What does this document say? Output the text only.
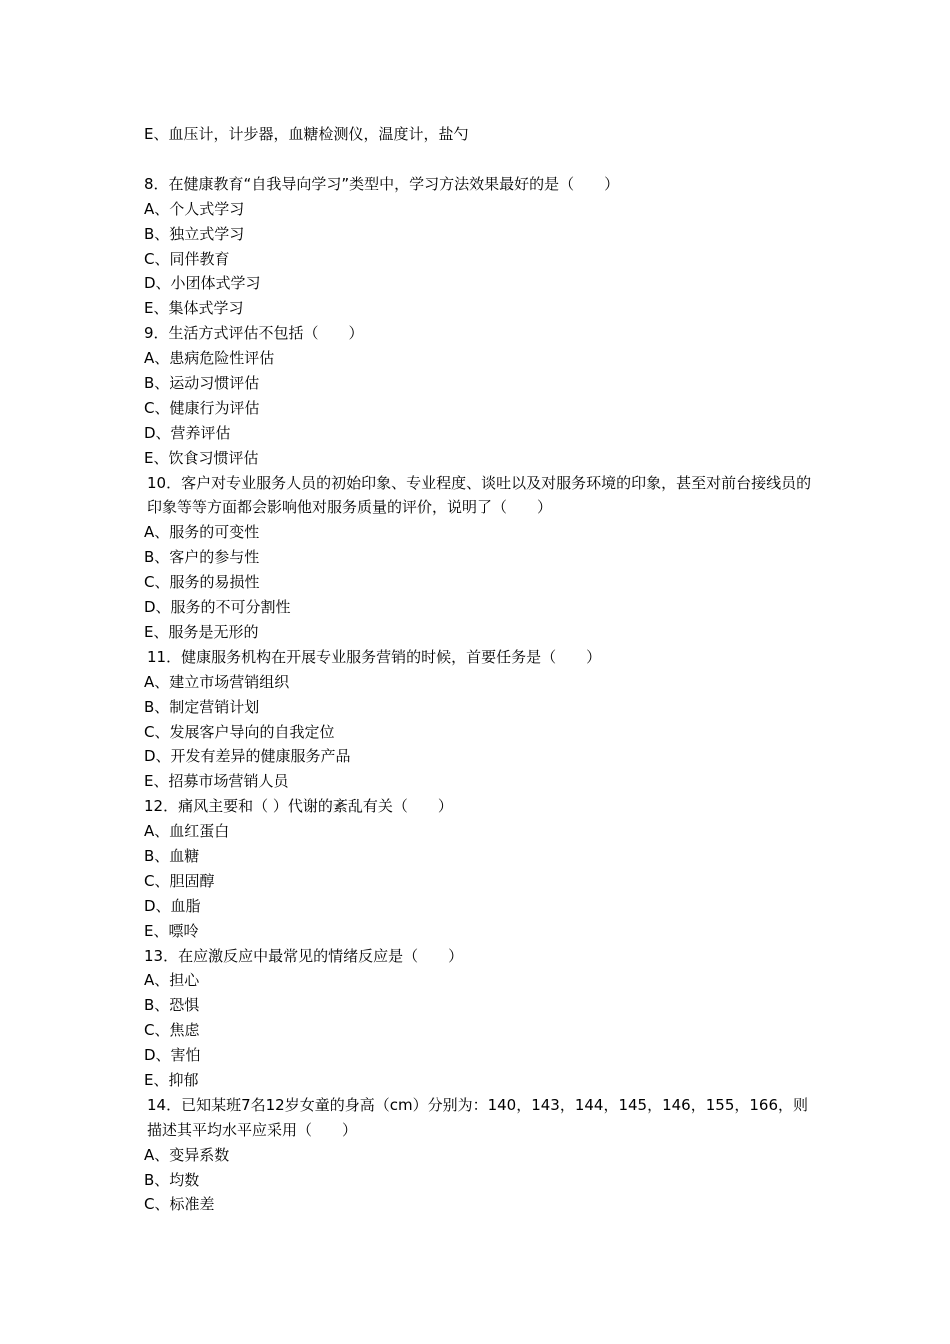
E、血压计，计步器，血糖检测仪，温度计，盐勺
8．在健康教育“自我导向学习”类型中，学习方法效果最好的是（　　）
A、个人式学习
B、独立式学习
C、同伴教育
D、小团体式学习
E、集体式学习
9．生活方式评估不包括（　　）
A、患病危险性评估
B、运动习惯评估
C、健康行为评估
D、营养评估
E、饮食习惯评估
10．客户对专业服务人员的初始印象、专业程度、谈吐以及对服务环境的印象，甚至对前台接线员的印象等等方面都会影响他对服务质量的评价，说明了（　　）
A、服务的可变性
B、客户的参与性
C、服务的易损性
D、服务的不可分割性
E、服务是无形的
11．健康服务机构在开展专业服务营销的时候，首要任务是（　　）
A、建立市场营销组织
B、制定营销计划
C、发展客户导向的自我定位
D、开发有差异的健康服务产品
E、招募市场营销人员
12．痛风主要和（ ）代谢的紊乱有关（　　）
A、血红蛋白
B、血糖
C、胆固醇
D、血脂
E、嘌呤
13．在应激反应中最常见的情绪反应是（　　）
A、担心
B、恐惧
C、焦虑
D、害怕
E、抑郁
14．已知某班7名12岁女童的身高（cm）分别为：140，143，144，145，146，155，166，则描述其平均水平应采用（　　）
A、变异系数
B、均数
C、标准差
